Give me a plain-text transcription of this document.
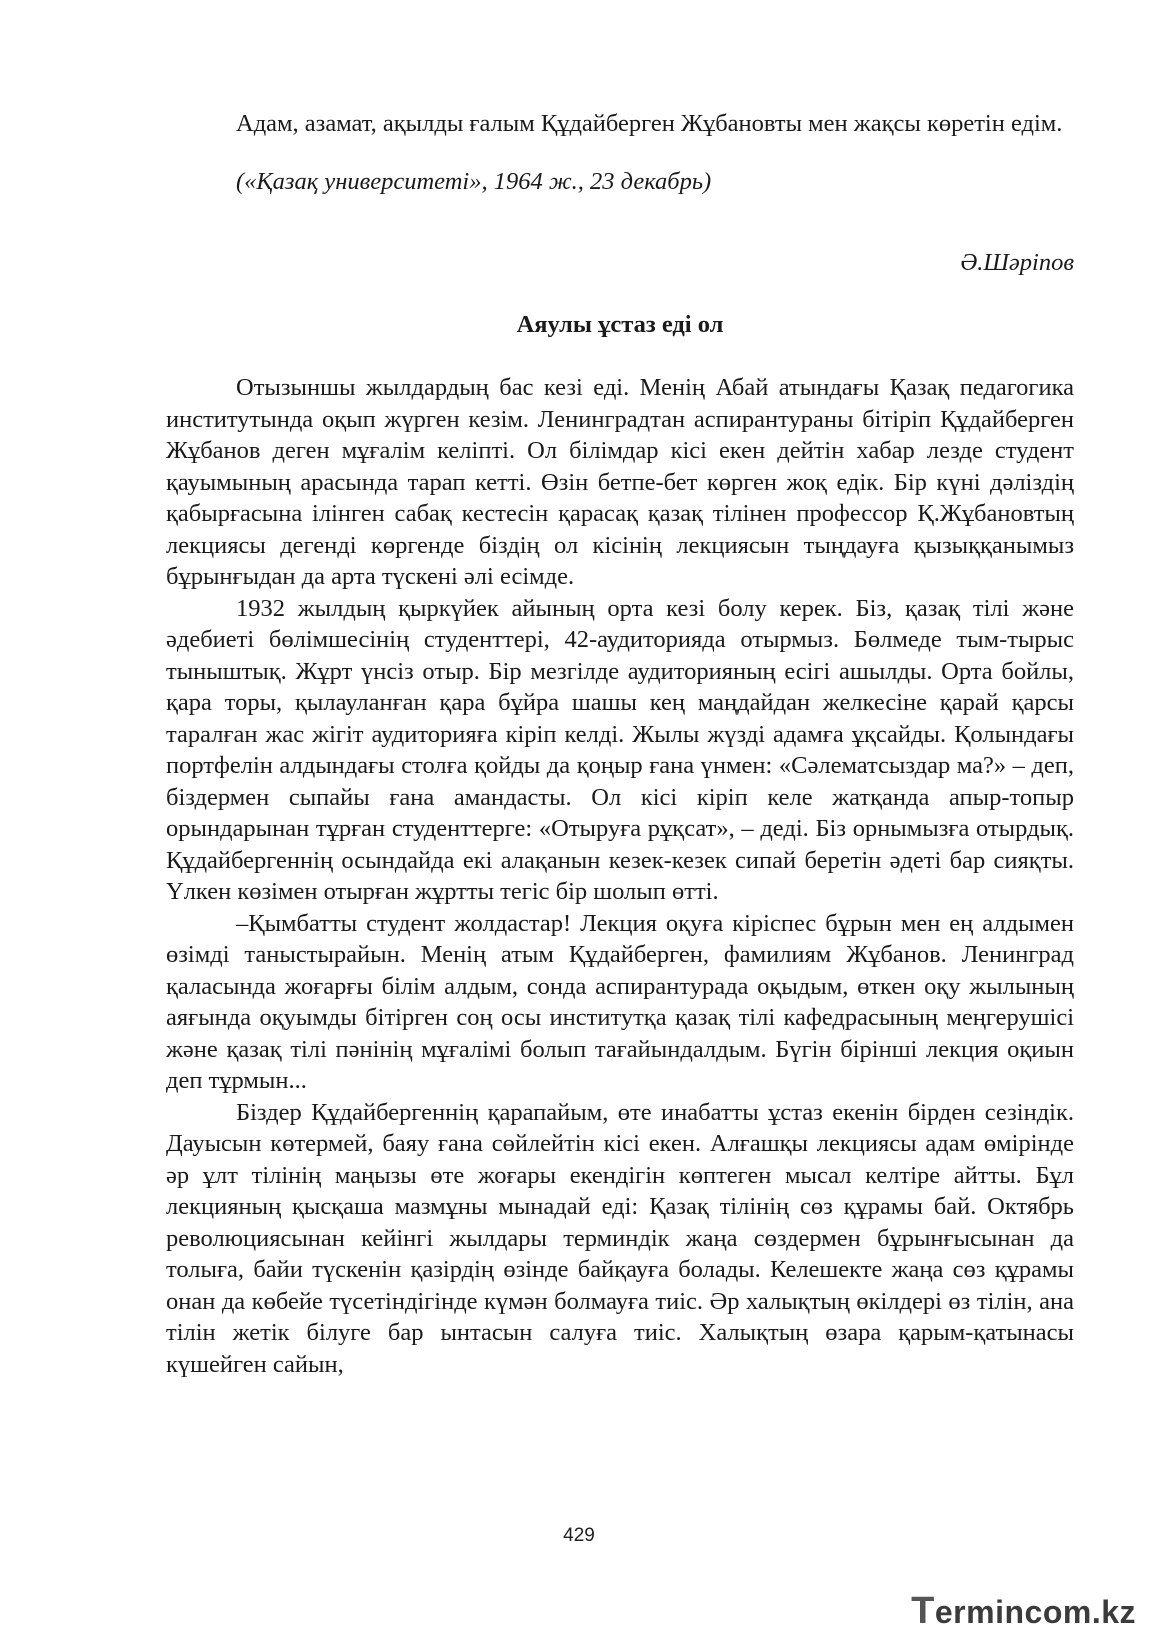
Адам, азамат, ақылды ғалым Құдайберген Жұбановты мен жақсы көретін едім.

(«Қазақ университеті», 1964 ж., 23 декабрь)

Ә.Шәріпов

Аяулы ұстаз еді ол

Отызыншы жылдардың бас кезі еді. Менің Абай атындағы Қазақ педагогика институтында оқып жүрген кезім. Ленинградтан аспирантураны бітіріп Құдайберген Жұбанов деген мұғалім келіпті. Ол білімдар кісі екен дейтін хабар лезде студент қауымының арасында тарап кетті. Өзін бетпе-бет көрген жоқ едік. Бір күні дәліздің қабырғасына ілінген сабақ кестесін қарасақ қазақ тілінен профессор Қ.Жұбановтың лекциясы дегенді көргенде біздің ол кісінің лекциясын тыңдауға қызыққанымыз бұрынғыдан да арта түскені әлі есімде.

1932 жылдың қыркүйек айының орта кезі болу керек. Біз, қазақ тілі және әдебиеті бөлімшесінің студенттері, 42-аудиторияда отырмыз. Бөлмеде тым-тырыс тыныштық. Жұрт үнсіз отыр. Бір мезгілде аудиторияның есігі ашылды. Орта бойлы, қара торы, қылауланған қара бұйра шашы кең маңдайдан желкесіне қарай қарсы таралған жас жігіт аудиторияға кіріп келді. Жылы жүзді адамға ұқсайды. Қолындағы портфелін алдындағы столға қойды да қоңыр ғана үнмен: «Сәлематсыздар ма?» – деп, біздермен сыпайы ғана амандасты. Ол кісі кіріп келе жатқанда апыр-топыр орындарынан тұрған студенттерге: «Отыруға рұқсат», – деді. Біз орнымызға отырдық. Құдайбергеннің осындайда екі алақанын кезек-кезек сипай беретін әдеті бар сияқты. Үлкен көзімен отырған жұртты тегіс бір шолып өтті.

–Қымбатты студент жолдастар! Лекция оқуға кіріспес бұрын мен ең алдымен өзімді таныстырайын. Менің атым Құдайберген, фамилиям Жұбанов. Ленинград қаласында жоғарғы білім алдым, сонда аспирантурада оқыдым, өткен оқу жылының аяғында оқуымды бітірген соң осы институтқа қазақ тілі кафедрасының меңгерушісі және қазақ тілі пәнінің мұғалімі болып тағайындалдым. Бүгін бірінші лекция оқиын деп тұрмын...

Біздер Құдайбергеннің қарапайым, өте инабатты ұстаз екенін бірден сезіндік. Дауысын көтермей, баяу ғана сөйлейтін кісі екен. Алғашқы лекциясы адам өмірінде әр ұлт тілінің маңызы өте жоғары екендігін көптеген мысал келтіре айтты. Бұл лекцияның қысқаша мазмұны мынадай еді: Қазақ тілінің сөз құрамы бай. Октябрь революциясынан кейінгі жылдары терминдік жаңа сөздермен бұрынғысынан да толыға, байи түскенін қазірдің өзінде байқауға болады. Келешекте жаңа сөз құрамы онан да көбейе түсетіндігінде күмән болмауға тиіс. Әр халықтың өкілдері өз тілін, ана тілін жетік білуге бар ынтасын салуға тиіс. Халықтың өзара қарым-қатынасы күшейген сайын,

429
Termincom.kz
